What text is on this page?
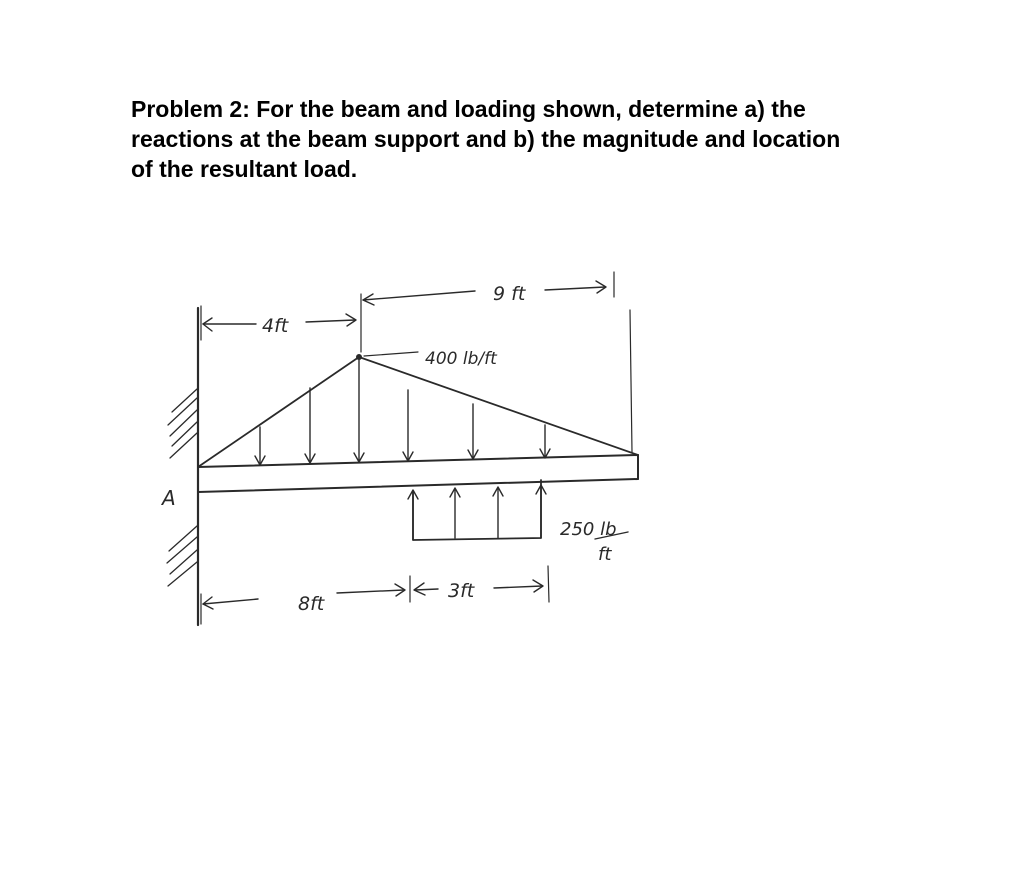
Problem 2: For the beam and loading shown, determine a) the
reactions at the beam support and b) the magnitude and location
of the resultant load.
A
250 lb
ft
4ft
9 ft
400 lb/ft
8ft
3ft
